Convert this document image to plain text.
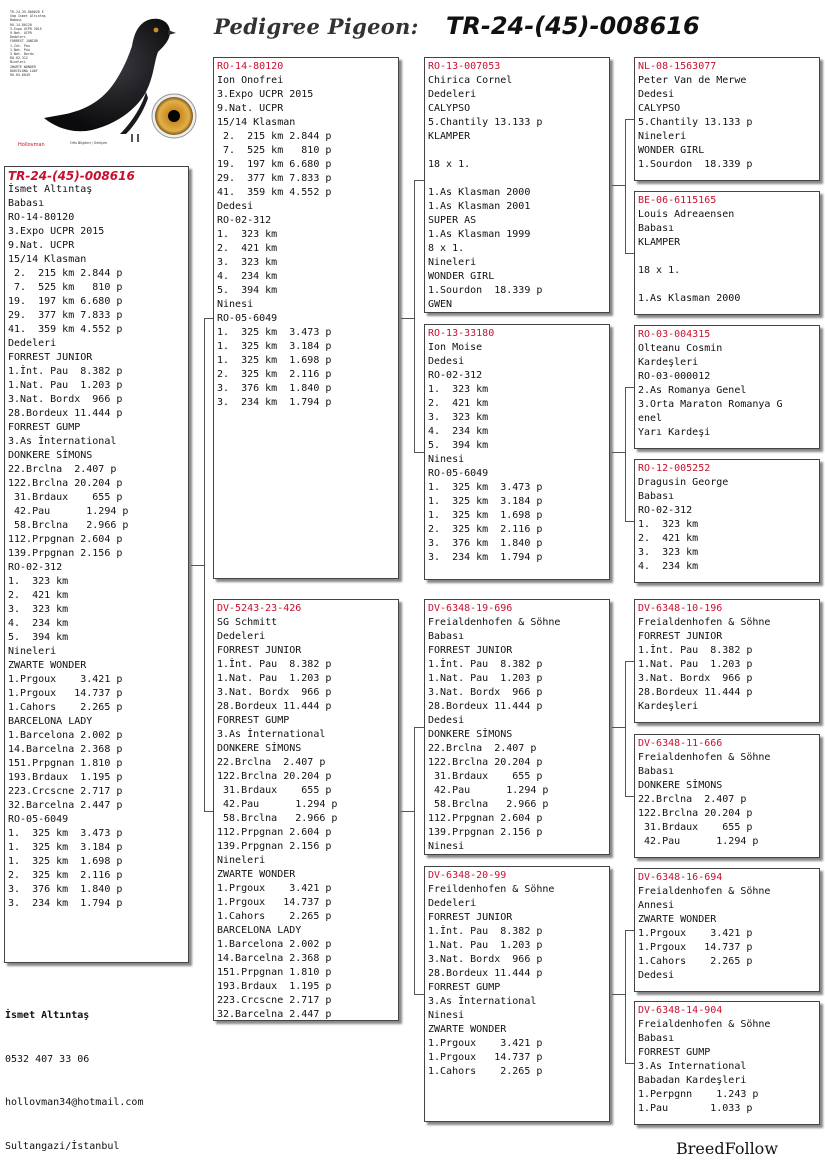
Pedigree Pigeon: TR-24-(45)-008616
TR-24-35-008626 E
Sag İsmet Altıntaş
Babası
RO-14-80120
3.Expo UCPR 2015
9.Nat. UCPR
Dedeleri
FORREST JUNIOR
1.İnt. Pau
1.Nat. Pau
3.Nat. Bordx
RO-02-312
Nineleri
ZWARTE WONDER
BARCELONA LADY
RO-05-6049
Hollovman	Ofis Bilgileri / İletişim
TR-24-(45)-008616
İsmet Altıntaş
Babası
RO-14-80120
3.Expo UCPR 2015
9.Nat. UCPR
15/14 Klasman
2.  215 km 2.844 p
7.  525 km   810 p
19.  197 km 6.680 p
29.  377 km 7.833 p
41.  359 km 4.552 p
Dedeleri
FORREST JUNIOR
1.İnt. Pau  8.382 p
1.Nat. Pau  1.203 p
3.Nat. Bordx  966 p
28.Bordeux 11.444 p
FORREST GUMP
3.As İnternational
DONKERE SİMONS
22.Brclna  2.407 p
122.Brclna 20.204 p
31.Brdaux    655 p
42.Pau      1.294 p
58.Brclna   2.966 p
112.Prpgnan 2.604 p
139.Prpgnan 2.156 p
RO-02-312
1.  323 km
2.  421 km
3.  323 km
4.  234 km
5.  394 km
Nineleri
ZWARTE WONDER
1.Prgoux    3.421 p
1.Prgoux   14.737 p
1.Cahors    2.265 p
BARCELONA LADY
1.Barcelona 2.002 p
14.Barcelna 2.368 p
151.Prpgnan 1.810 p
193.Brdaux  1.195 p
223.Crcscne 2.717 p
32.Barcelna 2.447 p
RO-05-6049
1.  325 km  3.473 p
1.  325 km  3.184 p
1.  325 km  1.698 p
2.  325 km  2.116 p
3.  376 km  1.840 p
3.  234 km  1.794 p
RO-14-80120
Ion Onofrei
3.Expo UCPR 2015
9.Nat. UCPR
15/14 Klasman
2.  215 km 2.844 p
7.  525 km   810 p
19.  197 km 6.680 p
29.  377 km 7.833 p
41.  359 km 4.552 p
Dedesi
RO-02-312
1.  323 km
2.  421 km
3.  323 km
4.  234 km
5.  394 km
Ninesi
RO-05-6049
1.  325 km  3.473 p
1.  325 km  3.184 p
1.  325 km  1.698 p
2.  325 km  2.116 p
3.  376 km  1.840 p
3.  234 km  1.794 p
DV-5243-23-426
SG Schmitt
Dedeleri
FORREST JUNIOR
1.İnt. Pau  8.382 p
1.Nat. Pau  1.203 p
3.Nat. Bordx  966 p
28.Bordeux 11.444 p
FORREST GUMP
3.As İnternational
DONKERE SİMONS
22.Brclna  2.407 p
122.Brclna 20.204 p
31.Brdaux    655 p
42.Pau      1.294 p
58.Brclna   2.966 p
112.Prpgnan 2.604 p
139.Prpgnan 2.156 p
Nineleri
ZWARTE WONDER
1.Prgoux    3.421 p
1.Prgoux   14.737 p
1.Cahors    2.265 p
BARCELONA LADY
1.Barcelona 2.002 p
14.Barcelna 2.368 p
151.Prpgnan 1.810 p
193.Brdaux  1.195 p
223.Crcscne 2.717 p
32.Barcelna 2.447 p
RO-13-007053
Chirica Cornel
Dedeleri
CALYPSO
5.Chantily 13.133 p
KLAMPER

18 x 1.

1.As Klasman 2000
1.As Klasman 2001
SUPER AS
1.As Klasman 1999
8 x 1.
Nineleri
WONDER GIRL
1.Sourdon  18.339 p
GWEN
RO-13-33180
Ion Moise
Dedesi
RO-02-312
1.  323 km
2.  421 km
3.  323 km
4.  234 km
5.  394 km
Ninesi
RO-05-6049
1.  325 km  3.473 p
1.  325 km  3.184 p
1.  325 km  1.698 p
2.  325 km  2.116 p
3.  376 km  1.840 p
3.  234 km  1.794 p
DV-6348-19-696
Freialdenhofen & Söhne
Babası
FORREST JUNIOR
1.İnt. Pau  8.382 p
1.Nat. Pau  1.203 p
3.Nat. Bordx  966 p
28.Bordeux 11.444 p
Dedesi
DONKERE SİMONS
22.Brclna  2.407 p
122.Brclna 20.204 p
31.Brdaux    655 p
42.Pau      1.294 p
58.Brclna   2.966 p
112.Prpgnan 2.604 p
139.Prpgnan 2.156 p
Ninesi
DV-6348-20-99
Freildenhofen & Söhne
Dedeleri
FORREST JUNIOR
1.İnt. Pau  8.382 p
1.Nat. Pau  1.203 p
3.Nat. Bordx  966 p
28.Bordeux 11.444 p
FORREST GUMP
3.As İnternational
Ninesi
ZWARTE WONDER
1.Prgoux    3.421 p
1.Prgoux   14.737 p
1.Cahors    2.265 p
NL-08-1563077
Peter Van de Merwe
Dedesi
CALYPSO
5.Chantily 13.133 p
Nineleri
WONDER GIRL
1.Sourdon  18.339 p
BE-06-6115165
Louis Adreaensen
Babası
KLAMPER

18 x 1.

1.As Klasman 2000
RO-03-004315
Olteanu Cosmin
Kardeşleri
RO-03-000012
2.As Romanya Genel
3.Orta Maraton Romanya G
enel
Yarı Kardeşi
RO-12-005252
Dragusin George
Babası
RO-02-312
1.  323 km
2.  421 km
3.  323 km
4.  234 km
DV-6348-10-196
Freialdenhofen & Söhne
FORREST JUNIOR
1.İnt. Pau  8.382 p
1.Nat. Pau  1.203 p
3.Nat. Bordx  966 p
28.Bordeux 11.444 p
Kardeşleri
DV-6348-11-666
Freialdenhofen & Söhne
Babası
DONKERE SİMONS
22.Brclna  2.407 p
122.Brclna 20.204 p
31.Brdaux    655 p
42.Pau      1.294 p
DV-6348-16-694
Freialdenhofen & Söhne
Annesi
ZWARTE WONDER
1.Prgoux    3.421 p
1.Prgoux   14.737 p
1.Cahors    2.265 p
Dedesi
DV-6348-14-904
Freialdenhofen & Söhne
Babası
FORREST GUMP
3.As International
Babadan Kardeşleri
1.Perpgnn    1.243 p
1.Pau       1.033 p

İsmet Altıntaş

0532 407 33 06

hollovman34@hotmail.com

Sultangazi/İstanbul	BreedFollow
